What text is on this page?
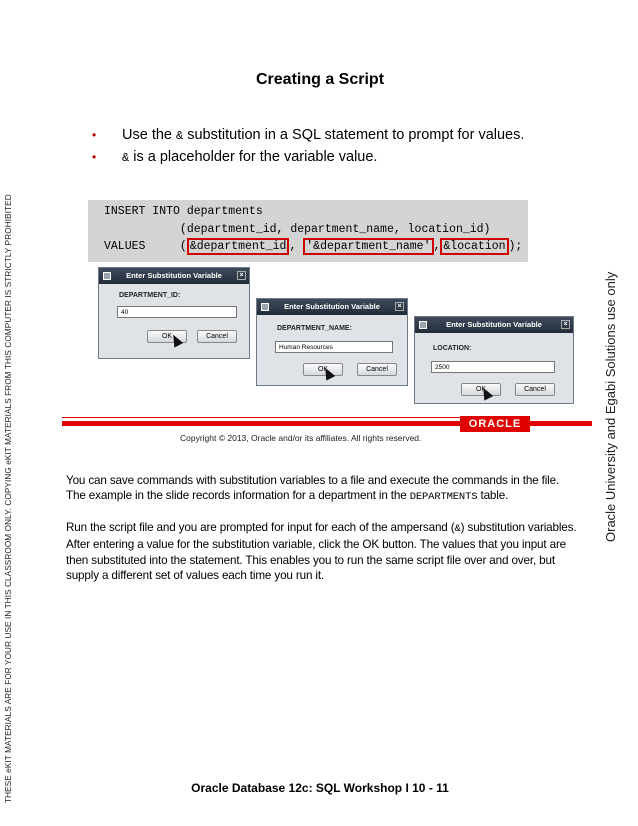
THESE eKIT MATERIALS ARE FOR YOUR USE IN THIS CLASSROOM ONLY. COPYING eKIT MATERIALS FROM THIS COMPUTER IS STRICTLY PROHIBITED	Oracle University and Egabi Solutions use only
Creating a Script
•	Use the & substitution in a SQL statement to prompt for values.
•	& is a placeholder for the variable value.
INSERT INTO departments
(department_id, department_name, location_id)
VALUES     ( &department_id , '&department_name' , &location );
Enter Substitution Variable	×
DEPARTMENT_ID:
40
OK	Cancel
Enter Substitution Variable	×
DEPARTMENT_NAME:
Human Resources
OK	Cancel
Enter Substitution Variable	×
LOCATION:
2500
OK	Cancel
ORACLE
Copyright © 2013, Oracle and/or its affiliates. All rights reserved.
You can save commands with substitution variables to a file and execute the commands in the file. The example in the slide records information for a department in the DEPARTMENTS table.
Run the script file and you are prompted for input for each of the ampersand (&) substitution variables. After entering a value for the substitution variable, click the OK button. The values that you input are then substituted into the statement. This enables you to run the same script file over and over, but supply a different set of values each time you run it.
Oracle Database 12c: SQL Workshop I 10 - 11
